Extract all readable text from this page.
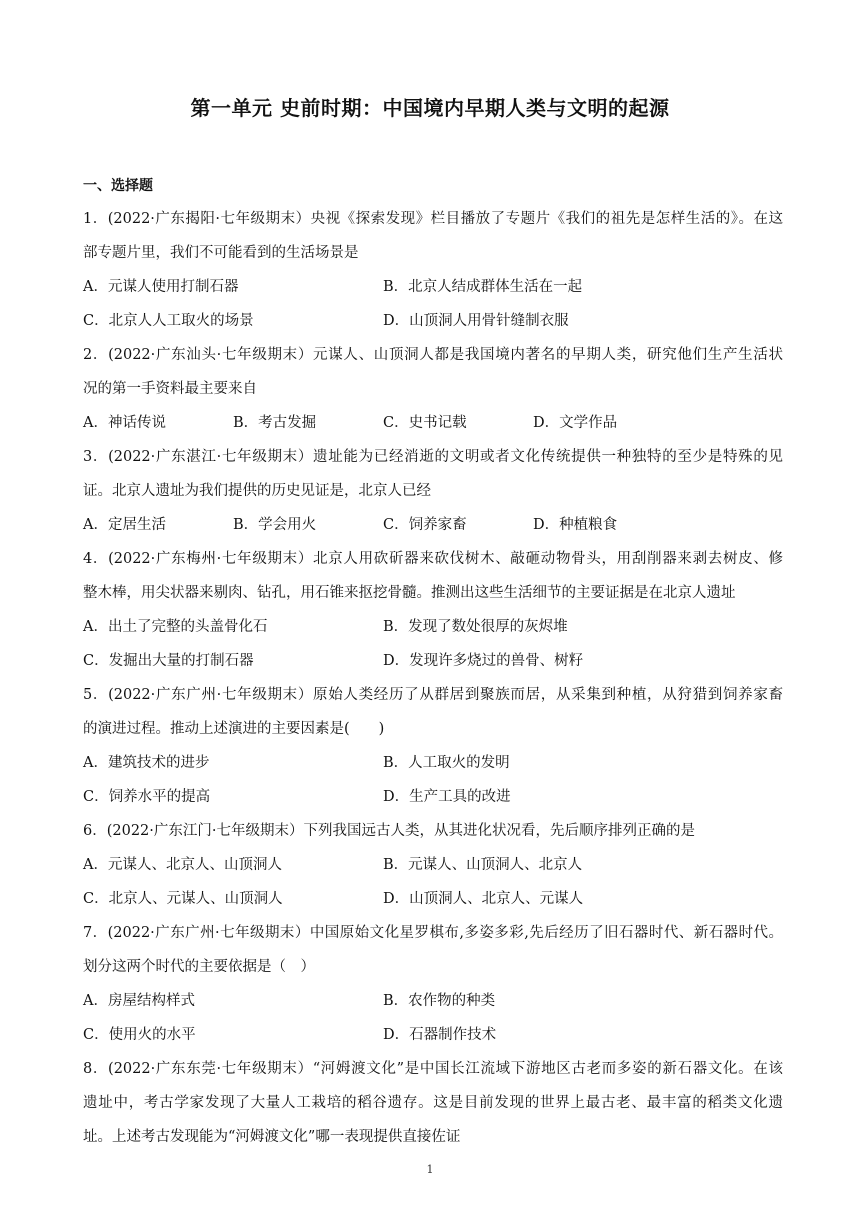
第一单元 史前时期：中国境内早期人类与文明的起源
一、选择题
1．(2022·广东揭阳·七年级期末）央视《探索发现》栏目播放了专题片《我们的祖先是怎样生活的》。在这
部专题片里，我们不可能看到的生活场景是
A．元谋人使用打制石器	B．北京人结成群体生活在一起
C．北京人人工取火的场景	D．山顶洞人用骨针缝制衣服
2．(2022·广东汕头·七年级期末）元谋人、山顶洞人都是我国境内著名的早期人类，研究他们生产生活状
况的第一手资料最主要来自
A．神话传说	B．考古发掘	C．史书记载	D．文学作品
3．(2022·广东湛江·七年级期末）遗址能为已经消逝的文明或者文化传统提供一种独特的至少是特殊的见
证。北京人遗址为我们提供的历史见证是，北京人已经
A．定居生活	B．学会用火	C．饲养家畜	D．种植粮食
4．(2022·广东梅州·七年级期末）北京人用砍斫器来砍伐树木、敲砸动物骨头，用刮削器来剥去树皮、修
整木棒，用尖状器来剔肉、钻孔，用石锥来抠挖骨髓。推测出这些生活细节的主要证据是在北京人遗址
A．出土了完整的头盖骨化石	B．发现了数处很厚的灰烬堆
C．发掘出大量的打制石器	D．发现许多烧过的兽骨、树籽
5．(2022·广东广州·七年级期末）原始人类经历了从群居到聚族而居，从采集到种植，从狩猎到饲养家畜
的演进过程。推动上述演进的主要因素是(　　)
A．建筑技术的进步	B．人工取火的发明
C．饲养水平的提高	D．生产工具的改进
6．(2022·广东江门·七年级期末）下列我国远古人类，从其进化状况看，先后顺序排列正确的是
A．元谋人、北京人、山顶洞人	B．元谋人、山顶洞人、北京人
C．北京人、元谋人、山顶洞人	D．山顶洞人、北京人、元谋人
7．(2022·广东广州·七年级期末）中国原始文化星罗棋布,多姿多彩,先后经历了旧石器时代、新石器时代。
划分这两个时代的主要依据是（　）
A．房屋结构样式	B．农作物的种类
C．使用火的水平	D．石器制作技术
8．(2022·广东东莞·七年级期末）“河姆渡文化”是中国长江流域下游地区古老而多姿的新石器文化。在该
遗址中，考古学家发现了大量人工栽培的稻谷遗存。这是目前发现的世界上最古老、最丰富的稻类文化遗
址。上述考古发现能为“河姆渡文化”哪一表现提供直接佐证
1
